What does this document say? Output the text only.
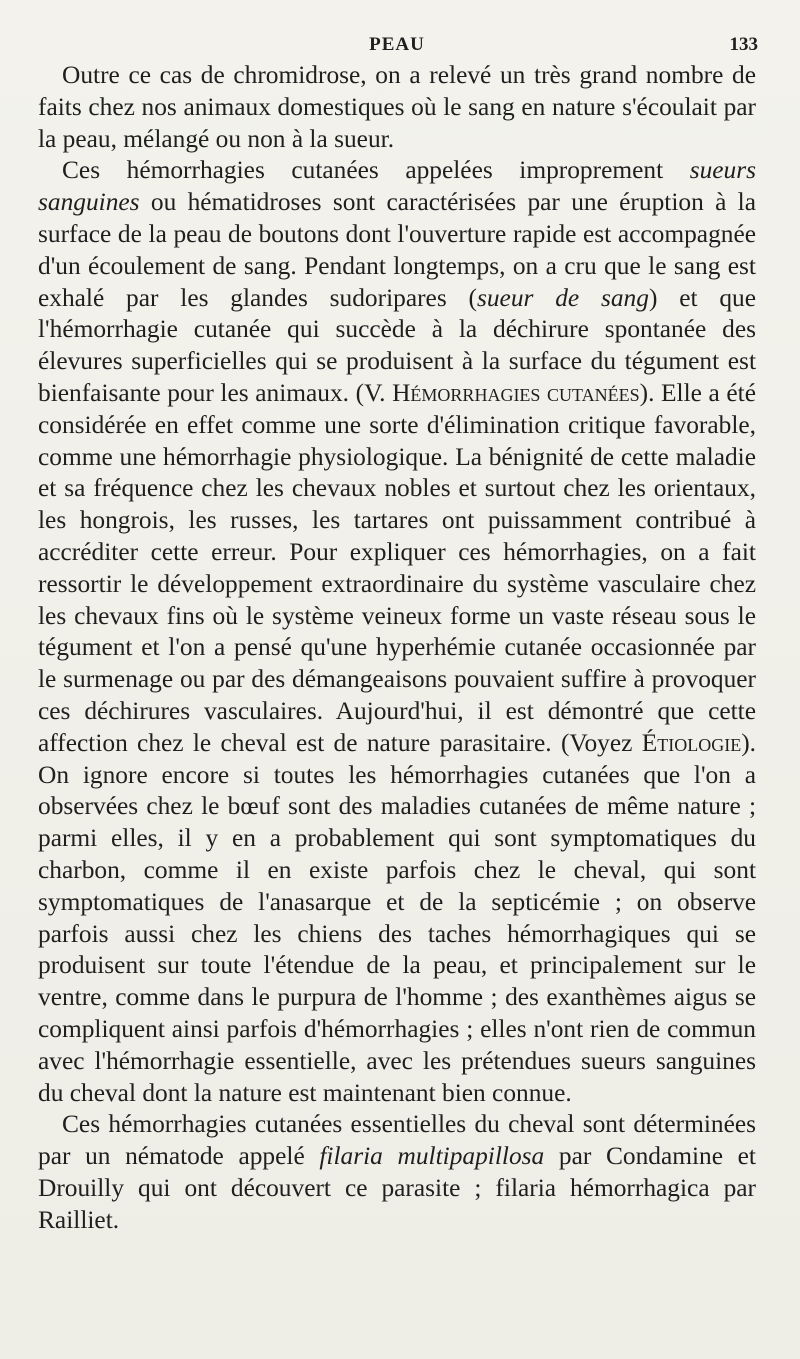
PEAU	133

Outre ce cas de chromidrose, on a relevé un très grand nombre de faits chez nos animaux domestiques où le sang en nature s'écoulait par la peau, mélangé ou non à la sueur.

Ces hémorrhagies cutanées appelées improprement sueurs sanguines ou hématidroses sont caractérisées par une éruption à la surface de la peau de boutons dont l'ouverture rapide est accompagnée d'un écoulement de sang. Pendant longtemps, on a cru que le sang est exhalé par les glandes sudoripares (sueur de sang) et que l'hémorrhagie cutanée qui succède à la déchirure spontanée des élevures superficielles qui se produisent à la surface du tégument est bienfaisante pour les animaux. (V. Hémorrhagies cutanées). Elle a été considérée en effet comme une sorte d'élimination critique favorable, comme une hémorrhagie physiologique. La bénignité de cette maladie et sa fréquence chez les chevaux nobles et surtout chez les orientaux, les hongrois, les russes, les tartares ont puissamment contribué à accréditer cette erreur. Pour expliquer ces hémorrhagies, on a fait ressortir le développement extraordinaire du système vasculaire chez les chevaux fins où le système veineux forme un vaste réseau sous le tégument et l'on a pensé qu'une hyperhémie cutanée occasionnée par le surmenage ou par des démangeaisons pouvaient suffire à provoquer ces déchirures vasculaires. Aujourd'hui, il est démontré que cette affection chez le cheval est de nature parasitaire. (Voyez Étiologie). On ignore encore si toutes les hémorrhagies cutanées que l'on a observées chez le bœuf sont des maladies cutanées de même nature ; parmi elles, il y en a probablement qui sont symptomatiques du charbon, comme il en existe parfois chez le cheval, qui sont symptomatiques de l'anasarque et de la septicémie ; on observe parfois aussi chez les chiens des taches hémorrhagiques qui se produisent sur toute l'étendue de la peau, et principalement sur le ventre, comme dans le purpura de l'homme ; des exanthèmes aigus se compliquent ainsi parfois d'hémorrhagies ; elles n'ont rien de commun avec l'hémorrhagie essentielle, avec les prétendues sueurs sanguines du cheval dont la nature est maintenant bien connue.

Ces hémorrhagies cutanées essentielles du cheval sont déterminées par un nématode appelé filaria multipapillosa par Condamine et Drouilly qui ont découvert ce parasite ; filaria hémorrhagica par Railliet.
